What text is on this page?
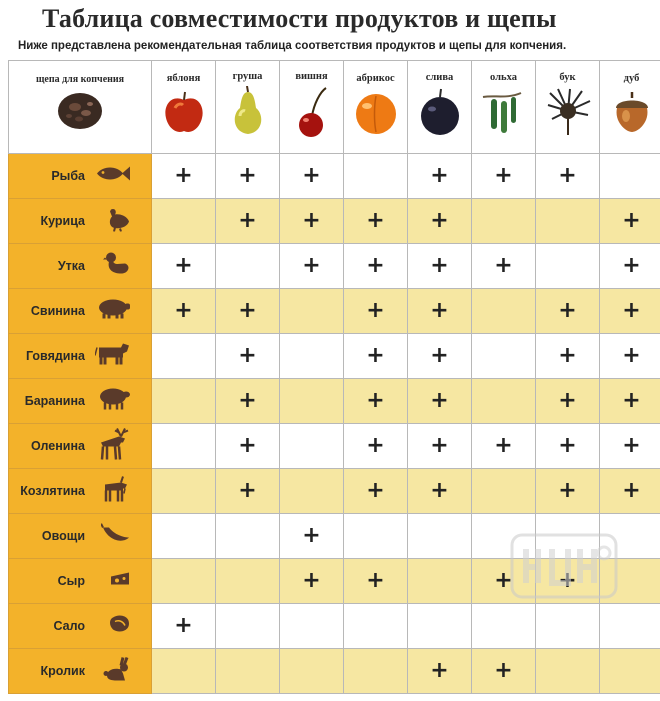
Таблица совместимости продуктов и щепы
Ниже представлена рекомендательная таблица соответствия продуктов и щепы для копчения.
щепа для копчения	яблоня	груша	вишня	абрикос	слива	ольха	бук	дуб

Рыба	+	+	+		+	+	+	

Курица		+	+	+	+			+

Утка	+		+	+	+	+		+

Свинина	+	+		+	+		+	+

Говядина		+		+	+		+	+

Баранина		+		+	+		+	+

Оленина		+		+	+	+	+	+

Козлятина		+		+	+		+	+

Овощи			+					

Сыр			+	+		+	+	

Сало	+							

Кролик					+	+		
